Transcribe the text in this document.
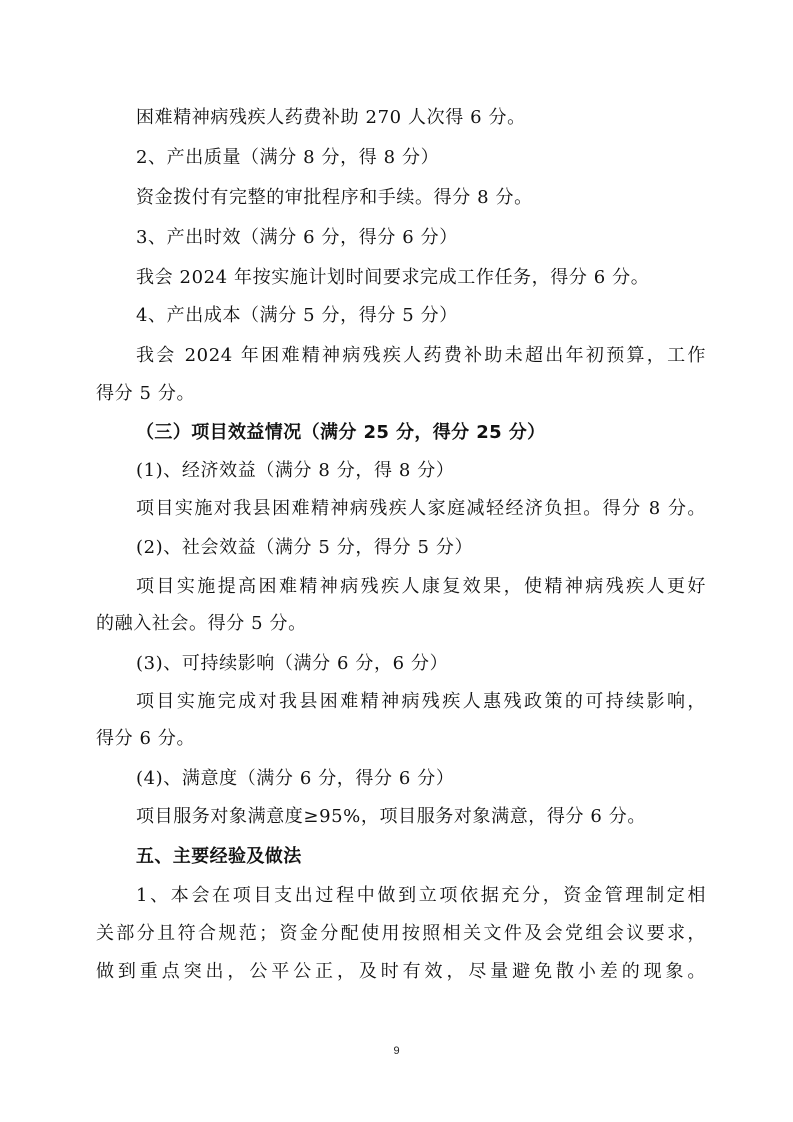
困难精神病残疾人药费补助 270 人次得 6 分。
2、产出质量（满分 8 分，得 8 分）
资金拨付有完整的审批程序和手续。得分 8 分。
3、产出时效（满分 6 分，得分 6 分）
我会 2024 年按实施计划时间要求完成工作任务，得分 6 分。
4、产出成本（满分 5 分，得分 5 分）
我会 2024 年困难精神病残疾人药费补助未超出年初预算，工作
得分 5 分。
（三）项目效益情况（满分 25 分，得分 25 分）
(1)、经济效益（满分 8 分，得 8 分）
项目实施对我县困难精神病残疾人家庭减轻经济负担。得分 8 分。
(2)、社会效益（满分 5 分，得分 5 分）
项目实施提高困难精神病残疾人康复效果，使精神病残疾人更好
的融入社会。得分 5 分。
(3)、可持续影响（满分 6 分，6 分）
项目实施完成对我县困难精神病残疾人惠残政策的可持续影响，
得分 6 分。
(4)、满意度（满分 6 分，得分 6 分）
项目服务对象满意度≥95%，项目服务对象满意，得分 6 分。
五、主要经验及做法
1、本会在项目支出过程中做到立项依据充分，资金管理制定相
关部分且符合规范；资金分配使用按照相关文件及会党组会议要求，
做到重点突出，公平公正，及时有效，尽量避免散小差的现象。
9
